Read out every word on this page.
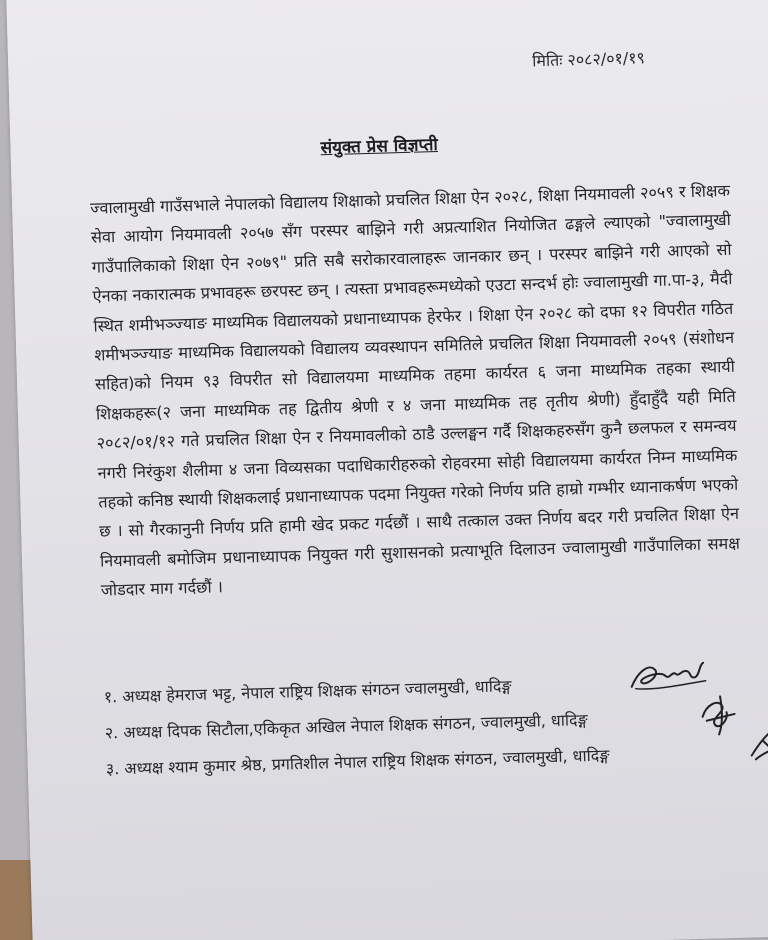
मितिः २०८२/०१/१९
संयुक्त प्रेस विज्ञप्ती
ज्वालामुखी गाउँसभाले नेपालको विद्यालय शिक्षाको प्रचलित शिक्षा ऐन २०२८, शिक्षा नियमावली २०५९ र शिक्षक सेवा आयोग नियमावली २०५७ सँग परस्पर बाझिने गरी अप्रत्याशित नियोजित ढङ्गले ल्याएको "ज्वालामुखी गाउँपालिकाको शिक्षा ऐन २०७९" प्रति सबै सरोकारवालाहरू जानकार छन् । परस्पर बाझिने गरी आएको सो ऐनका नकारात्मक प्रभावहरू छरपस्ट छन् । त्यस्ता प्रभावहरूमध्येको एउटा सन्दर्भ होः ज्वालामुखी गा.पा-३, मैदी स्थित शमीभञ्ज्याङ माध्यमिक विद्यालयको प्रधानाध्यापक हेरफेर । शिक्षा ऐन २०२८ को दफा १२ विपरीत गठित शमीभञ्ज्याङ माध्यमिक विद्यालयको विद्यालय व्यवस्थापन समितिले प्रचलित शिक्षा नियमावली २०५९ (संशोधन सहित)को नियम ९३ विपरीत सो विद्यालयमा माध्यमिक तहमा कार्यरत ६ जना माध्यमिक तहका स्थायी शिक्षकहरू(२ जना माध्यमिक तह द्वितीय श्रेणी र ४ जना माध्यमिक तह तृतीय श्रेणी) हुँदाहुँदै यही मिति २०८२/०१/१२ गते प्रचलित शिक्षा ऐन र नियमावलीको ठाडै उल्लङ्घन गर्दै शिक्षकहरुसँग कुनै छलफल र समन्वय नगरी निरंकुश शैलीमा ४ जना विव्यसका पदाधिकारीहरुको रोहवरमा सोही विद्यालयमा कार्यरत निम्न माध्यमिक तहको कनिष्ठ स्थायी शिक्षकलाई प्रधानाध्यापक पदमा नियुक्त गरेको निर्णय प्रति हाम्रो गम्भीर ध्यानाकर्षण भएको छ । सो गैरकानुनी निर्णय प्रति हामी खेद प्रकट गर्दछौं । साथै तत्काल उक्त निर्णय बदर गरी प्रचलित शिक्षा ऐन नियमावली बमोजिम प्रधानाध्यापक नियुक्त गरी सुशासनको प्रत्याभूति दिलाउन ज्वालामुखी गाउँपालिका समक्ष जोडदार माग गर्दछौं ।
१. अध्यक्ष हेमराज भट्ट, नेपाल राष्ट्रिय शिक्षक संगठन ज्वालमुखी, धादिङ्ग
२. अध्यक्ष दिपक सिटौला,एकिकृत अखिल नेपाल शिक्षक संगठन, ज्वालमुखी, धादिङ्ग
३. अध्यक्ष श्याम कुमार श्रेष्ठ, प्रगतिशील नेपाल राष्ट्रिय शिक्षक संगठन, ज्वालमुखी, धादिङ्ग
